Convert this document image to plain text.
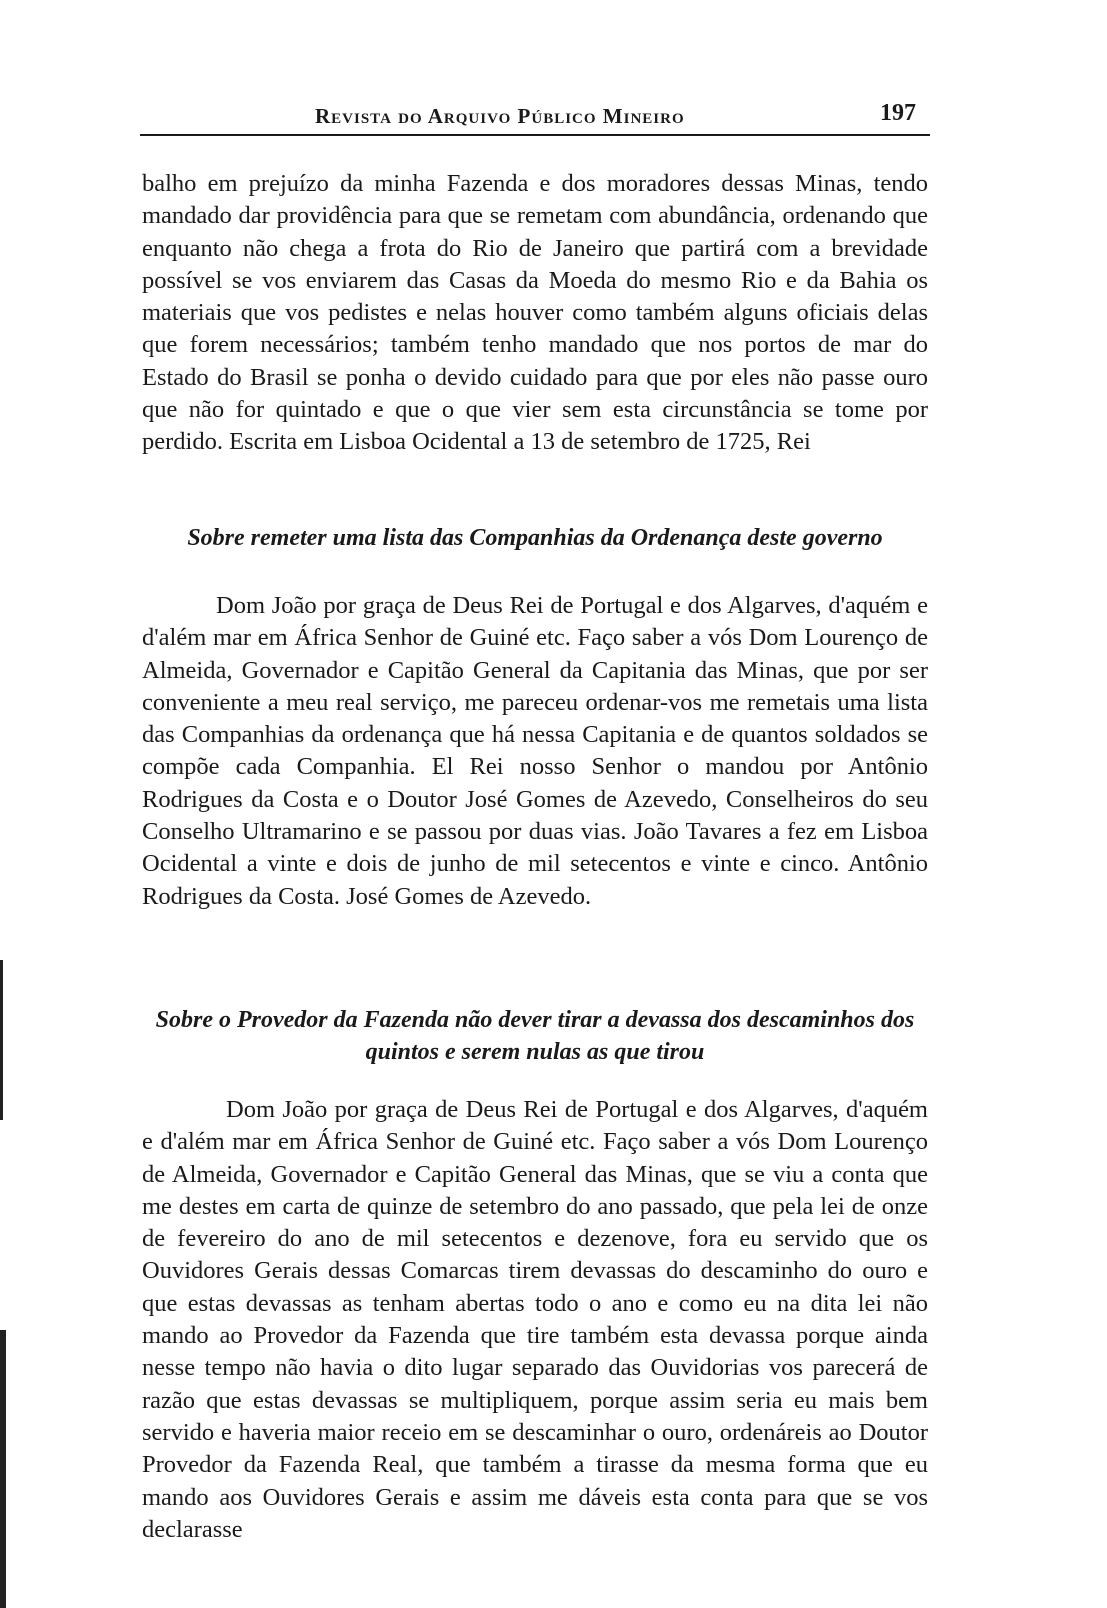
Revista do Arquivo Público Mineiro	197

balho em prejuízo da minha Fazenda e dos moradores dessas Minas, tendo mandado dar providência para que se remetam com abundância, ordenando que enquanto não chega a frota do Rio de Janeiro que partirá com a brevidade possível se vos enviarem das Casas da Moeda do mesmo Rio e da Bahia os materiais que vos pedistes e nelas houver como também alguns oficiais delas que forem necessários; também tenho mandado que nos portos de mar do Estado do Brasil se ponha o devido cuidado para que por eles não passe ouro que não for quintado e que o que vier sem esta circunstância se tome por perdido. Escrita em Lisboa Ocidental a 13 de setembro de 1725, Rei

Sobre remeter uma lista das Companhias da Ordenança deste governo

Dom João por graça de Deus Rei de Portugal e dos Algarves, d'aquém e d'além mar em África Senhor de Guiné etc. Faço saber a vós Dom Lourenço de Almeida, Governador e Capitão General da Capitania das Minas, que por ser conveniente a meu real serviço, me pareceu ordenar-vos me remetais uma lista das Companhias da ordenança que há nessa Capitania e de quantos soldados se compõe cada Companhia. El Rei nosso Senhor o mandou por Antônio Rodrigues da Costa e o Doutor José Gomes de Azevedo, Conselheiros do seu Conselho Ultramarino e se passou por duas vias. João Tavares a fez em Lisboa Ocidental a vinte e dois de junho de mil setecentos e vinte e cinco. Antônio Rodrigues da Costa. José Gomes de Azevedo.

Sobre o Provedor da Fazenda não dever tirar a devassa dos descaminhos dos quintos e serem nulas as que tirou

Dom João por graça de Deus Rei de Portugal e dos Algarves, d'aquém e d'além mar em África Senhor de Guiné etc. Faço saber a vós Dom Lourenço de Almeida, Governador e Capitão General das Minas, que se viu a conta que me destes em carta de quinze de setembro do ano passado, que pela lei de onze de fevereiro do ano de mil setecentos e dezenove, fora eu servido que os Ouvidores Gerais dessas Comarcas tirem devassas do descaminho do ouro e que estas devassas as tenham abertas todo o ano e como eu na dita lei não mando ao Provedor da Fazenda que tire também esta devassa porque ainda nesse tempo não havia o dito lugar separado das Ouvidorias vos parecerá de razão que estas devassas se multipliquem, porque assim seria eu mais bem servido e haveria maior receio em se descaminhar o ouro, ordenáreis ao Doutor Provedor da Fazenda Real, que também a tirasse da mesma forma que eu mando aos Ouvidores Gerais e assim me dáveis esta conta para que se vos declarasse
